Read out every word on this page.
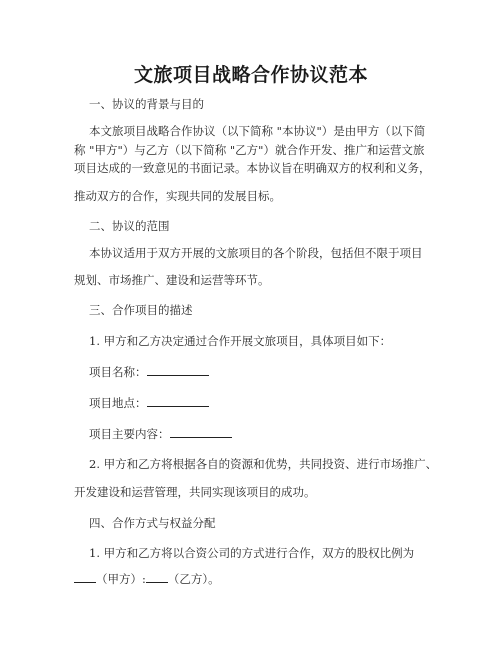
文旅项目战略合作协议范本
一、协议的背景与目的
本文旅项目战略合作协议（以下简称 "本协议"）是由甲方（以下简
称 "甲方"）与乙方（以下简称 "乙方"）就合作开发、推广和运营文旅
项目达成的一致意见的书面记录。本协议旨在明确双方的权利和义务，
推动双方的合作，实现共同的发展目标。
二、协议的范围
本协议适用于双方开展的文旅项目的各个阶段，包括但不限于项目
规划、市场推广、建设和运营等环节。
三、合作项目的描述
1. 甲方和乙方决定通过合作开展文旅项目，具体项目如下：
项目名称：
项目地点：
项目主要内容：
2. 甲方和乙方将根据各自的资源和优势，共同投资、进行市场推广、
开发建设和运营管理，共同实现该项目的成功。
四、合作方式与权益分配
1. 甲方和乙方将以合资公司的方式进行合作，双方的股权比例为
（甲方）: （乙方）。
